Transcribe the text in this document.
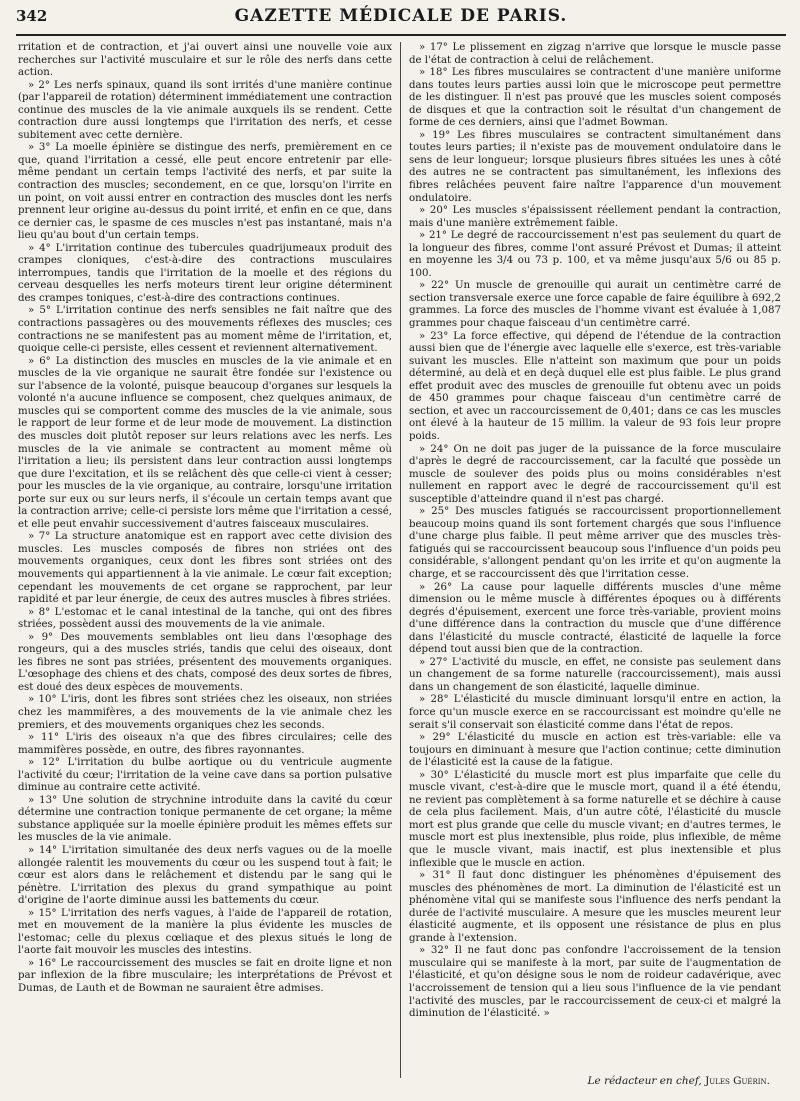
342	GAZETTE MÉDICALE DE PARIS.

rritation et de contraction, et j'ai ouvert ainsi une nouvelle voie aux recherches sur l'activité musculaire et sur le rôle des nerfs dans cette action.

» 2° Les nerfs spinaux, quand ils sont irrités d'une manière continue (par l'appareil de rotation) déterminent immédiatement une contraction continue des muscles de la vie animale auxquels ils se rendent. Cette contraction dure aussi longtemps que l'irritation des nerfs, et cesse subitement avec cette dernière.

» 3° La moelle épinière se distingue des nerfs, premièrement en ce que, quand l'irritation a cessé, elle peut encore entretenir par elle-même pendant un certain temps l'activité des nerfs, et par suite la contraction des muscles; secondement, en ce que, lorsqu'on l'irrite en un point, on voit aussi entrer en contraction des muscles dont les nerfs prennent leur origine au-dessus du point irrité, et enfin en ce que, dans ce dernier cas, le spasme de ces muscles n'est pas instantané, mais n'a lieu qu'au bout d'un certain temps.

» 4° L'irritation continue des tubercules quadrijumeaux produit des crampes cloniques, c'est-à-dire des contractions musculaires interrompues, tandis que l'irritation de la moelle et des régions du cerveau desquelles les nerfs moteurs tirent leur origine déterminent des crampes toniques, c'est-à-dire des contractions continues.

» 5° L'irritation continue des nerfs sensibles ne fait naître que des contractions passagères ou des mouvements réflexes des muscles; ces contractions ne se manifestent pas au moment même de l'irritation, et, quoique celle-ci persiste, elles cessent et reviennent alternativement.

» 6° La distinction des muscles en muscles de la vie animale et en muscles de la vie organique ne saurait être fondée sur l'existence ou sur l'absence de la volonté, puisque beaucoup d'organes sur lesquels la volonté n'a aucune influence se composent, chez quelques animaux, de muscles qui se comportent comme des muscles de la vie animale, sous le rapport de leur forme et de leur mode de mouvement. La distinction des muscles doit plutôt reposer sur leurs relations avec les nerfs. Les muscles de la vie animale se contractent au moment même où l'irritation a lieu; ils persistent dans leur contraction aussi longtemps que dure l'excitation, et ils se relâchent dès que celle-ci vient à cesser; pour les muscles de la vie organique, au contraire, lorsqu'une irritation porte sur eux ou sur leurs nerfs, il s'écoule un certain temps avant que la contraction arrive; celle-ci persiste lors même que l'irritation a cessé, et elle peut envahir successivement d'autres faisceaux musculaires.

» 7° La structure anatomique est en rapport avec cette division des muscles. Les muscles composés de fibres non striées ont des mouvements organiques, ceux dont les fibres sont striées ont des mouvements qui appartiennent à la vie animale. Le cœur fait exception; cependant les mouvements de cet organe se rapprochent, par leur rapidité et par leur énergie, de ceux des autres muscles à fibres striées.

» 8° L'estomac et le canal intestinal de la tanche, qui ont des fibres striées, possèdent aussi des mouvements de la vie animale.

» 9° Des mouvements semblables ont lieu dans l'œsophage des rongeurs, qui a des muscles striés, tandis que celui des oiseaux, dont les fibres ne sont pas striées, présentent des mouvements organiques. L'œsophage des chiens et des chats, composé des deux sortes de fibres, est doué des deux espèces de mouvements.

» 10° L'iris, dont les fibres sont striées chez les oiseaux, non striées chez les mammifères, a des mouvements de la vie animale chez les premiers, et des mouvements organiques chez les seconds.

» 11° L'iris des oiseaux n'a que des fibres circulaires; celle des mammifères possède, en outre, des fibres rayonnantes.

» 12° L'irritation du bulbe aortique ou du ventricule augmente l'activité du cœur; l'irritation de la veine cave dans sa portion pulsative diminue au contraire cette activité.

» 13° Une solution de strychnine introduite dans la cavité du cœur détermine une contraction tonique permanente de cet organe; la même substance appliquée sur la moelle épinière produit les mêmes effets sur les muscles de la vie animale.

» 14° L'irritation simultanée des deux nerfs vagues ou de la moelle allongée ralentit les mouvements du cœur ou les suspend tout à fait; le cœur est alors dans le relâchement et distendu par le sang qui le pénètre. L'irritation des plexus du grand sympathique au point d'origine de l'aorte diminue aussi les battements du cœur.

» 15° L'irritation des nerfs vagues, à l'aide de l'appareil de rotation, met en mouvement de la manière la plus évidente les muscles de l'estomac; celle du plexus cœliaque et des plexus situés le long de l'aorte fait mouvoir les muscles des intestins.

» 16° Le raccourcissement des muscles se fait en droite ligne et non par inflexion de la fibre musculaire; les interprétations de Prévost et Dumas, de Lauth et de Bowman ne sauraient être admises.

» 17° Le plissement en zigzag n'arrive que lorsque le muscle passe de l'état de contraction à celui de relâchement.

» 18° Les fibres musculaires se contractent d'une manière uniforme dans toutes leurs parties aussi loin que le microscope peut permettre de les distinguer. Il n'est pas prouvé que les muscles soient composés de disques et que la contraction soit le résultat d'un changement de forme de ces derniers, ainsi que l'admet Bowman.

» 19° Les fibres musculaires se contractent simultanément dans toutes leurs parties; il n'existe pas de mouvement ondulatoire dans le sens de leur longueur; lorsque plusieurs fibres situées les unes à côté des autres ne se contractent pas simultanément, les inflexions des fibres relâchées peuvent faire naître l'apparence d'un mouvement ondulatoire.

» 20° Les muscles s'épaississent réellement pendant la contraction, mais d'une manière extrêmement faible.

» 21° Le degré de raccourcissement n'est pas seulement du quart de la longueur des fibres, comme l'ont assuré Prévost et Dumas; il atteint en moyenne les 3/4 ou 73 p. 100, et va même jusqu'aux 5/6 ou 85 p. 100.

» 22° Un muscle de grenouille qui aurait un centimètre carré de section transversale exerce une force capable de faire équilibre à 692,2 grammes. La force des muscles de l'homme vivant est évaluée à 1,087 grammes pour chaque faisceau d'un centimètre carré.

» 23° La force effective, qui dépend de l'étendue de la contraction aussi bien que de l'énergie avec laquelle elle s'exerce, est très-variable suivant les muscles. Elle n'atteint son maximum que pour un poids déterminé, au delà et en deçà duquel elle est plus faible. Le plus grand effet produit avec des muscles de grenouille fut obtenu avec un poids de 450 grammes pour chaque faisceau d'un centimètre carré de section, et avec un raccourcissement de 0,401; dans ce cas les muscles ont élevé à la hauteur de 15 millim. la valeur de 93 fois leur propre poids.

» 24° On ne doit pas juger de la puissance de la force musculaire d'après le degré de raccourcissement, car la faculté que possède un muscle de soulever des poids plus ou moins considérables n'est nullement en rapport avec le degré de raccourcissement qu'il est susceptible d'atteindre quand il n'est pas chargé.

» 25° Des muscles fatigués se raccourcissent proportionnellement beaucoup moins quand ils sont fortement chargés que sous l'influence d'une charge plus faible. Il peut même arriver que des muscles très-fatigués qui se raccourcissent beaucoup sous l'influence d'un poids peu considérable, s'allongent pendant qu'on les irrite et qu'on augmente la charge, et se raccourcissent dès que l'irritation cesse.

» 26° La cause pour laquelle différents muscles d'une même dimension ou le même muscle à différentes époques ou à différents degrés d'épuisement, exercent une force très-variable, provient moins d'une différence dans la contraction du muscle que d'une différence dans l'élasticité du muscle contracté, élasticité de laquelle la force dépend tout aussi bien que de la contraction.

» 27° L'activité du muscle, en effet, ne consiste pas seulement dans un changement de sa forme naturelle (raccourcissement), mais aussi dans un changement de son élasticité, laquelle diminue.

» 28° L'élasticité du muscle diminuant lorsqu'il entre en action, la force qu'un muscle exerce en se raccourcissant est moindre qu'elle ne serait s'il conservait son élasticité comme dans l'état de repos.

» 29° L'élasticité du muscle en action est très-variable: elle va toujours en diminuant à mesure que l'action continue; cette diminution de l'élasticité est la cause de la fatigue.

» 30° L'élasticité du muscle mort est plus imparfaite que celle du muscle vivant, c'est-à-dire que le muscle mort, quand il a été étendu, ne revient pas complètement à sa forme naturelle et se déchire à cause de cela plus facilement. Mais, d'un autre côté, l'élasticité du muscle mort est plus grande que celle du muscle vivant; en d'autres termes, le muscle mort est plus inextensible, plus roide, plus inflexible, de même que le muscle vivant, mais inactif, est plus inextensible et plus inflexible que le muscle en action.

» 31° Il faut donc distinguer les phénomènes d'épuisement des muscles des phénomènes de mort. La diminution de l'élasticité est un phénomène vital qui se manifeste sous l'influence des nerfs pendant la durée de l'activité musculaire. A mesure que les muscles meurent leur élasticité augmente, et ils opposent une résistance de plus en plus grande à l'extension.

» 32° Il ne faut donc pas confondre l'accroissement de la tension musculaire qui se manifeste à la mort, par suite de l'augmentation de l'élasticité, et qu'on désigne sous le nom de roideur cadavérique, avec l'accroissement de tension qui a lieu sous l'influence de la vie pendant l'activité des muscles, par le raccourcissement de ceux-ci et malgré la diminution de l'élasticité. »

Le rédacteur en chef, Jules Guérin.
